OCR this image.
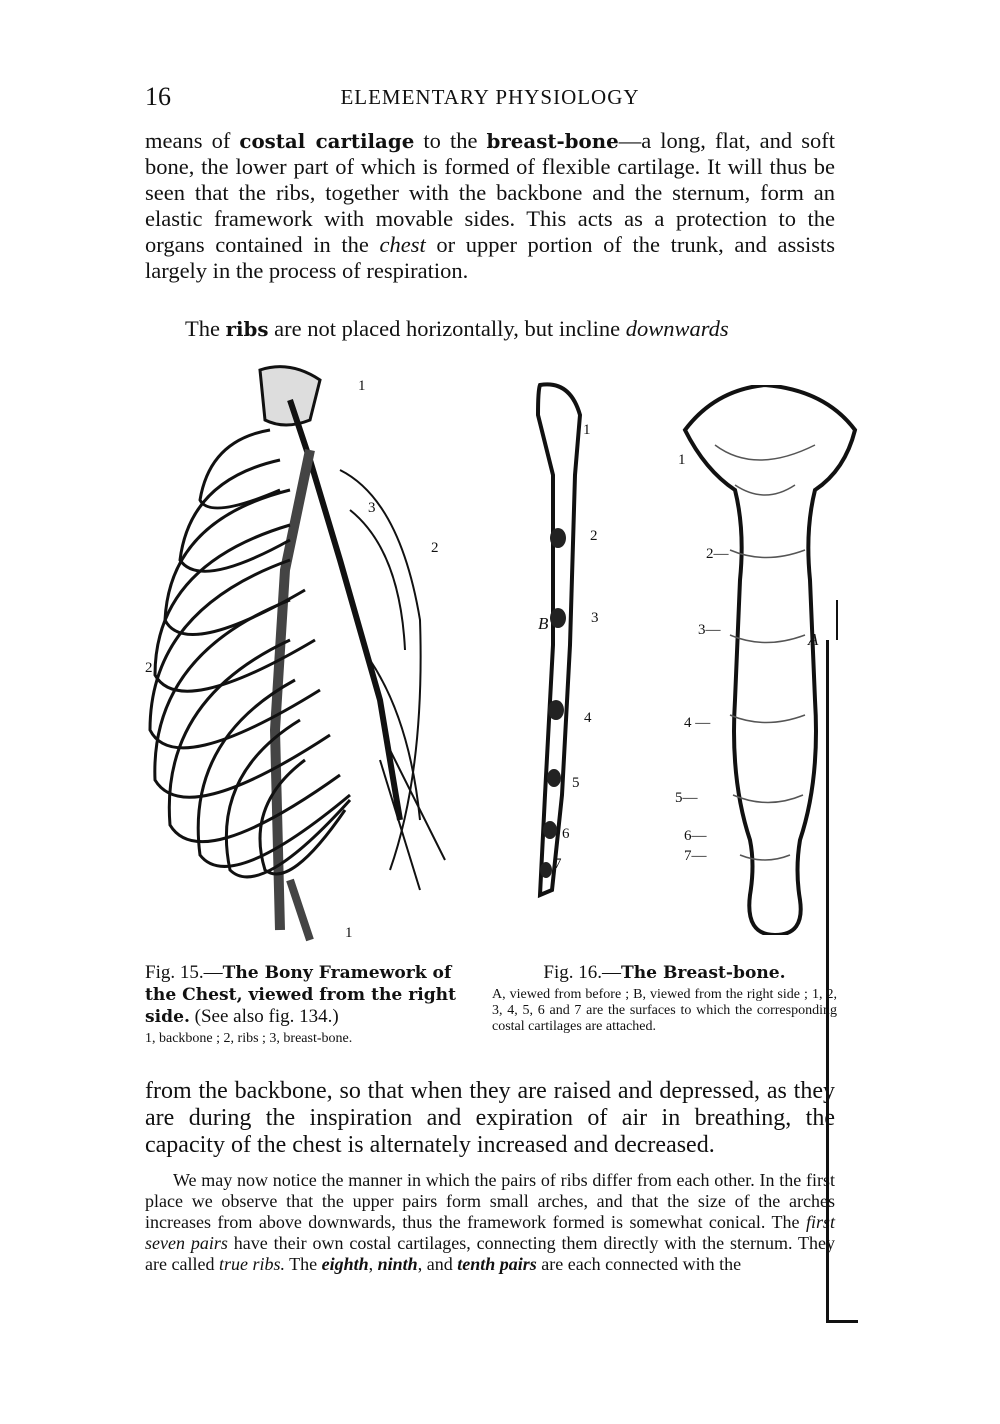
16	ELEMENTARY PHYSIOLOGY

means of costal cartilage to the breast-bone—a long, flat, and soft bone, the lower part of which is formed of flexible cartilage. It will thus be seen that the ribs, together with the backbone and the sternum, form an elastic framework with movable sides. This acts as a protection to the organs contained in the chest or upper portion of the trunk, and assists largely in the process of respiration.

The ribs are not placed horizontally, but incline downwards

1
3
2
2
1
1
2
3
B
4
5
6
7
1
2—
3—	A
4 —
5—
6—
7—
Fig. 15.—The Bony Framework of the Chest, viewed from the right side. (See also fig. 134.)
1, backbone ; 2, ribs ; 3, breast-bone.
Fig. 16.—The Breast-bone.
A, viewed from before ; B, viewed from the right side ; 1, 2, 3, 4, 5, 6 and 7 are the surfaces to which the corresponding costal cartilages are attached.

from the backbone, so that when they are raised and depressed, as they are during the inspiration and expiration of air in breathing, the capacity of the chest is alternately increased and decreased.

We may now notice the manner in which the pairs of ribs differ from each other. In the first place we observe that the upper pairs form small arches, and that the size of the arches increases from above downwards, thus the framework formed is somewhat conical. The first seven pairs have their own costal cartilages, connecting them directly with the sternum. They are called true ribs. The eighth, ninth, and tenth pairs are each connected with the
